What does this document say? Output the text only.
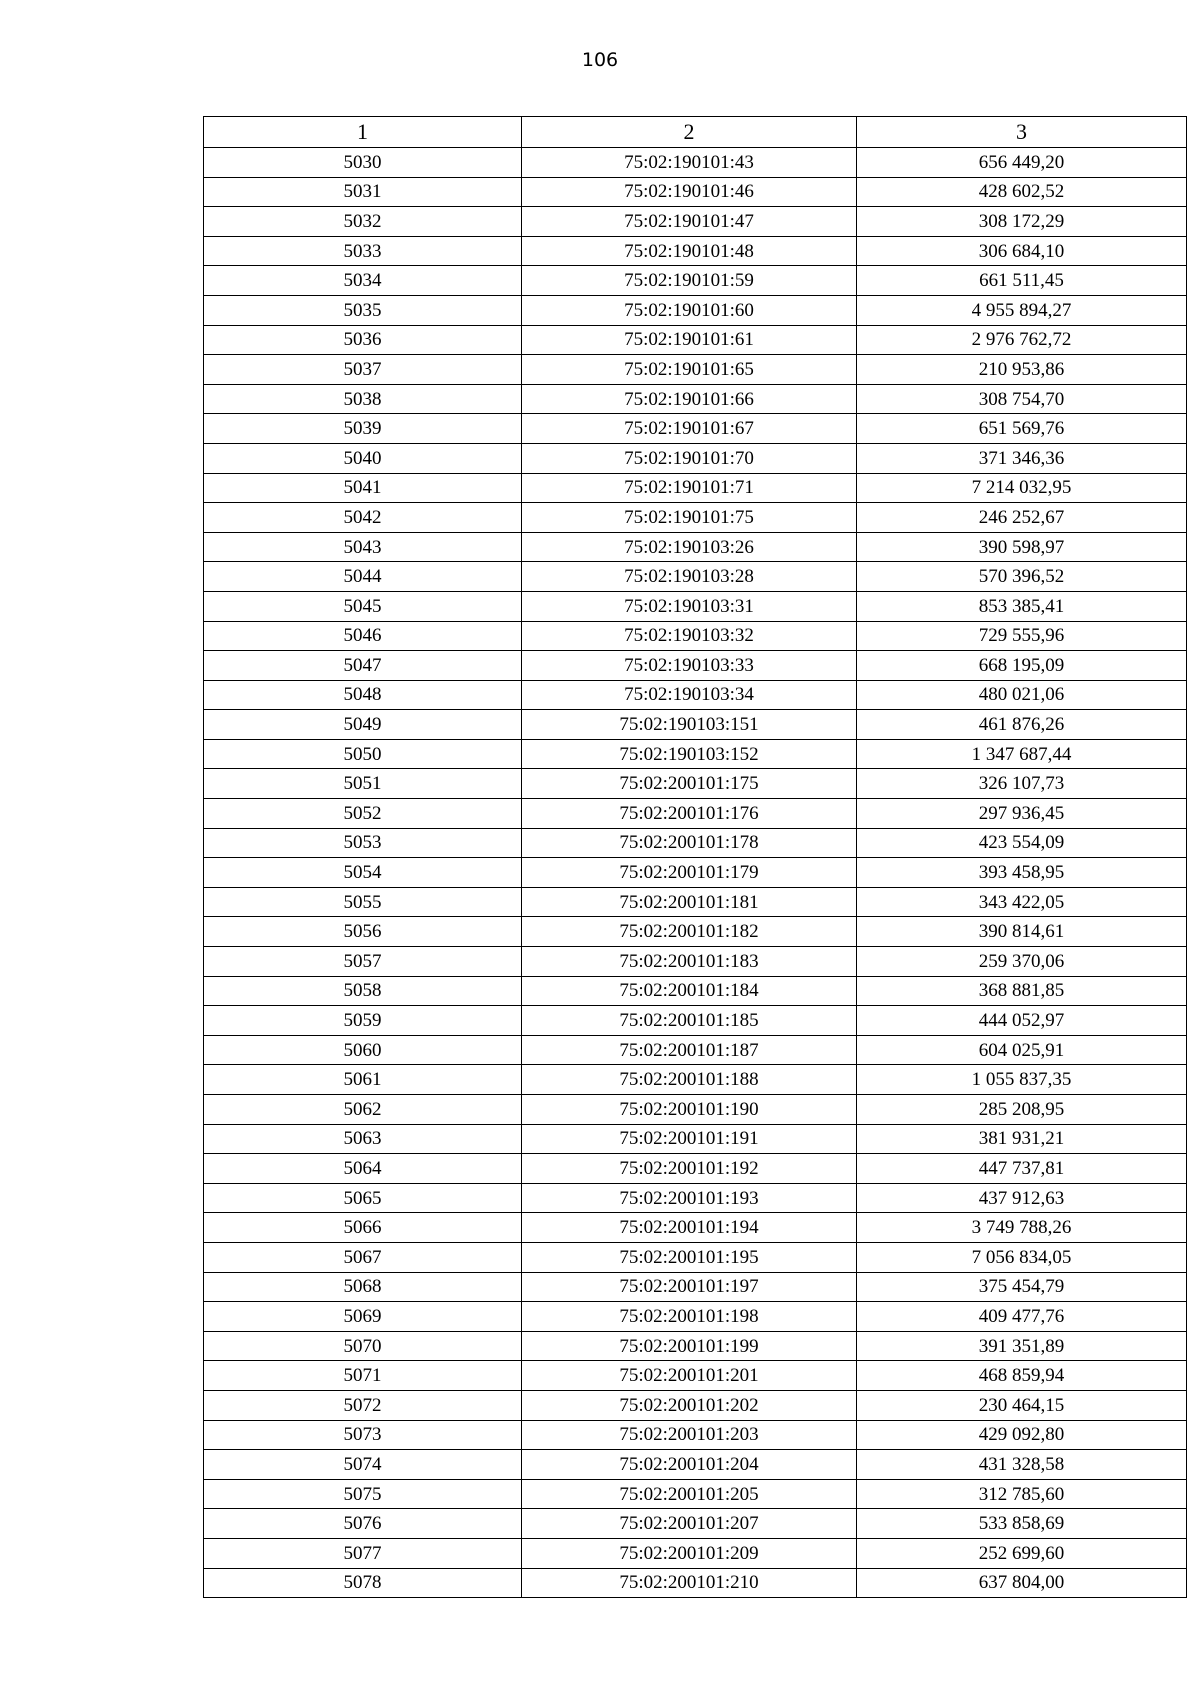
106
1	2	3
5030	75:02:190101:43	656 449,20
5031	75:02:190101:46	428 602,52
5032	75:02:190101:47	308 172,29
5033	75:02:190101:48	306 684,10
5034	75:02:190101:59	661 511,45
5035	75:02:190101:60	4 955 894,27
5036	75:02:190101:61	2 976 762,72
5037	75:02:190101:65	210 953,86
5038	75:02:190101:66	308 754,70
5039	75:02:190101:67	651 569,76
5040	75:02:190101:70	371 346,36
5041	75:02:190101:71	7 214 032,95
5042	75:02:190101:75	246 252,67
5043	75:02:190103:26	390 598,97
5044	75:02:190103:28	570 396,52
5045	75:02:190103:31	853 385,41
5046	75:02:190103:32	729 555,96
5047	75:02:190103:33	668 195,09
5048	75:02:190103:34	480 021,06
5049	75:02:190103:151	461 876,26
5050	75:02:190103:152	1 347 687,44
5051	75:02:200101:175	326 107,73
5052	75:02:200101:176	297 936,45
5053	75:02:200101:178	423 554,09
5054	75:02:200101:179	393 458,95
5055	75:02:200101:181	343 422,05
5056	75:02:200101:182	390 814,61
5057	75:02:200101:183	259 370,06
5058	75:02:200101:184	368 881,85
5059	75:02:200101:185	444 052,97
5060	75:02:200101:187	604 025,91
5061	75:02:200101:188	1 055 837,35
5062	75:02:200101:190	285 208,95
5063	75:02:200101:191	381 931,21
5064	75:02:200101:192	447 737,81
5065	75:02:200101:193	437 912,63
5066	75:02:200101:194	3 749 788,26
5067	75:02:200101:195	7 056 834,05
5068	75:02:200101:197	375 454,79
5069	75:02:200101:198	409 477,76
5070	75:02:200101:199	391 351,89
5071	75:02:200101:201	468 859,94
5072	75:02:200101:202	230 464,15
5073	75:02:200101:203	429 092,80
5074	75:02:200101:204	431 328,58
5075	75:02:200101:205	312 785,60
5076	75:02:200101:207	533 858,69
5077	75:02:200101:209	252 699,60
5078	75:02:200101:210	637 804,00
